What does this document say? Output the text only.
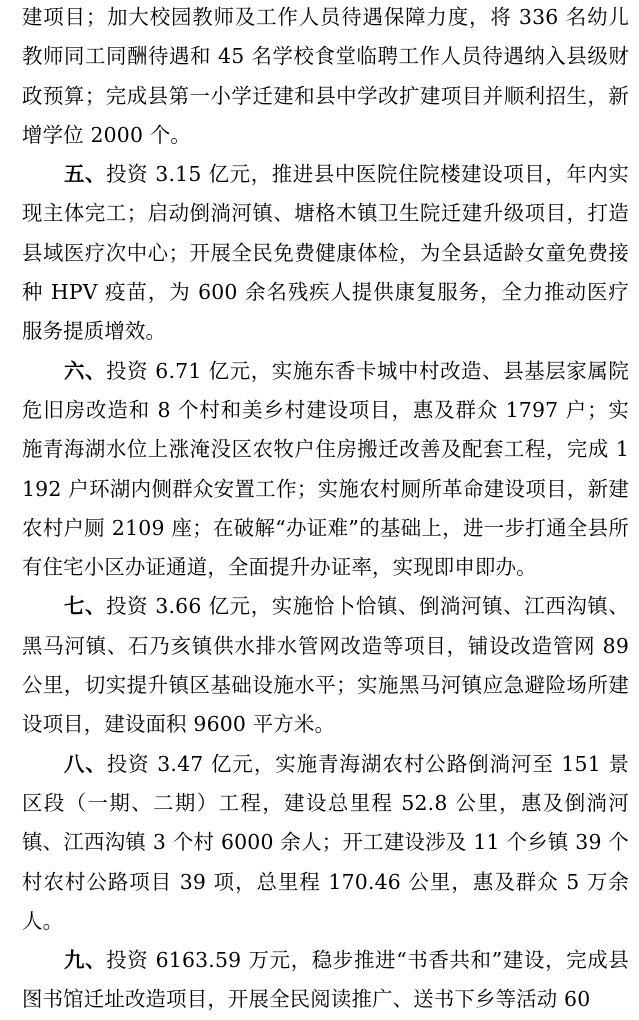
建项目；加大校园教师及工作人员待遇保障力度，将 336 名幼儿教师同工同酬待遇和 45 名学校食堂临聘工作人员待遇纳入县级财政预算；完成县第一小学迁建和县中学改扩建项目并顺利招生，新增学位 2000 个。

五、投资 3.15 亿元，推进县中医院住院楼建设项目，年内实现主体完工；启动倒淌河镇、塘格木镇卫生院迁建升级项目，打造县域医疗次中心；开展全民免费健康体检，为全县适龄女童免费接种 HPV 疫苗，为 600 余名残疾人提供康复服务，全力推动医疗服务提质增效。

六、投资 6.71 亿元，实施东香卡城中村改造、县基层家属院危旧房改造和 8 个村和美乡村建设项目，惠及群众 1797 户；实施青海湖水位上涨淹没区农牧户住房搬迁改善及配套工程，完成 1192 户环湖内侧群众安置工作；实施农村厕所革命建设项目，新建农村户厕 2109 座；在破解“办证难”的基础上，进一步打通全县所有住宅小区办证通道，全面提升办证率，实现即申即办。

七、投资 3.66 亿元，实施恰卜恰镇、倒淌河镇、江西沟镇、黑马河镇、石乃亥镇供水排水管网改造等项目，铺设改造管网 89 公里，切实提升镇区基础设施水平；实施黑马河镇应急避险场所建设项目，建设面积 9600 平方米。

八、投资 3.47 亿元，实施青海湖农村公路倒淌河至 151 景区段（一期、二期）工程，建设总里程 52.8 公里，惠及倒淌河镇、江西沟镇 3 个村 6000 余人；开工建设涉及 11 个乡镇 39 个村农村公路项目 39 项，总里程 170.46 公里，惠及群众 5 万余人。

九、投资 6163.59 万元，稳步推进“书香共和”建设，完成县图书馆迁址改造项目，开展全民阅读推广、送书下乡等活动 60
